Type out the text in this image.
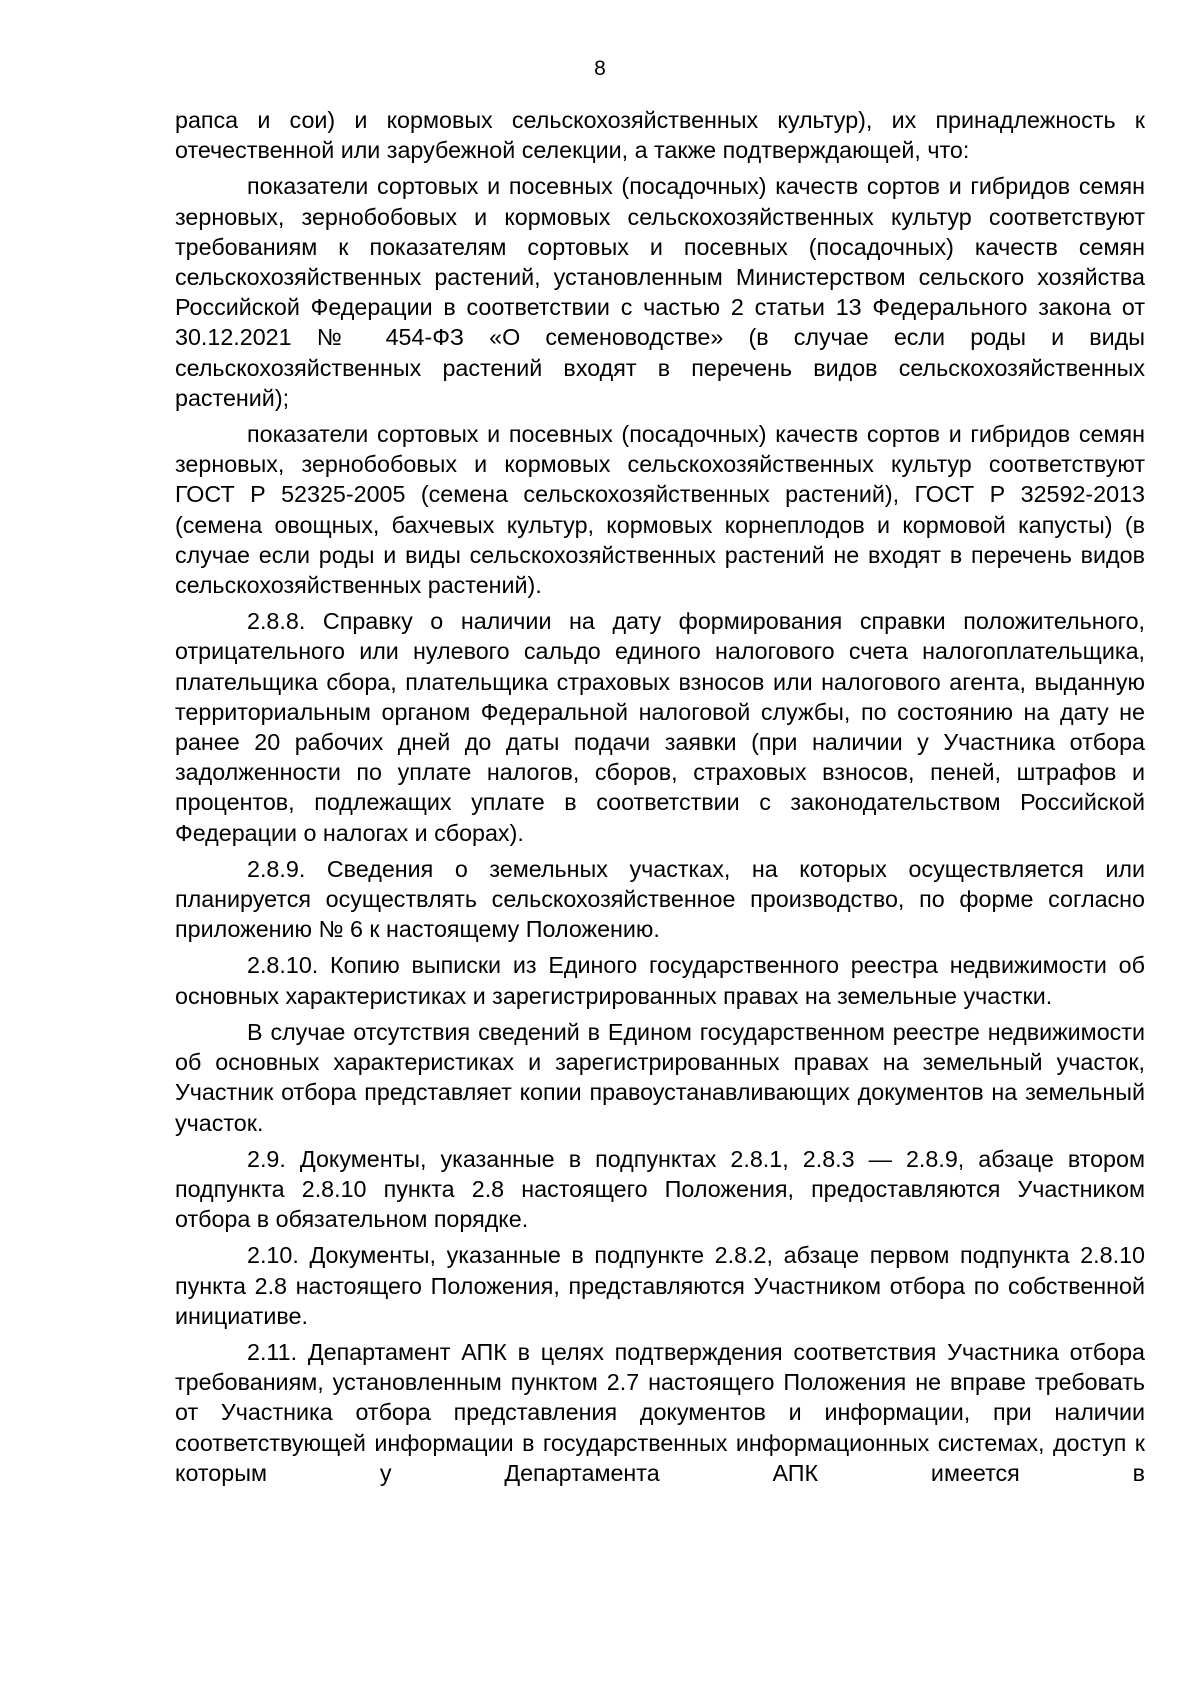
8

рапса и сои) и кормовых сельскохозяйственных культур), их принадлежность к отечественной или зарубежной селекции, а также подтверждающей, что:

показатели сортовых и посевных (посадочных) качеств сортов и гибридов семян зерновых, зернобобовых и кормовых сельскохозяйственных культур соответствуют требованиям к показателям сортовых и посевных (посадочных) качеств семян сельскохозяйственных растений, установленным Министерством сельского хозяйства Российской Федерации в соответствии с частью 2 статьи 13 Федерального закона от 30.12.2021 № 454-ФЗ «О семеноводстве» (в случае если роды и виды сельскохозяйственных растений входят в перечень видов сельскохозяйственных растений);

показатели сортовых и посевных (посадочных) качеств сортов и гибридов семян зерновых, зернобобовых и кормовых сельскохозяйственных культур соответствуют ГОСТ Р 52325-2005 (семена сельскохозяйственных растений), ГОСТ Р 32592-2013 (семена овощных, бахчевых культур, кормовых корнеплодов и кормовой капусты) (в случае если роды и виды сельскохозяйственных растений не входят в перечень видов сельскохозяйственных растений).

2.8.8. Справку о наличии на дату формирования справки положительного, отрицательного или нулевого сальдо единого налогового счета налогоплательщика, плательщика сбора, плательщика страховых взносов или налогового агента, выданную территориальным органом Федеральной налоговой службы, по состоянию на дату не ранее 20 рабочих дней до даты подачи заявки (при наличии у Участника отбора задолженности по уплате налогов, сборов, страховых взносов, пеней, штрафов и процентов, подлежащих уплате в соответствии с законодательством Российской Федерации о налогах и сборах).

2.8.9. Сведения о земельных участках, на которых осуществляется или планируется осуществлять сельскохозяйственное производство, по форме согласно приложению № 6 к настоящему Положению.

2.8.10. Копию выписки из Единого государственного реестра недвижимости об основных характеристиках и зарегистрированных правах на земельные участки.

В случае отсутствия сведений в Едином государственном реестре недвижимости об основных характеристиках и зарегистрированных правах на земельный участок, Участник отбора представляет копии правоустанавливающих документов на земельный участок.

2.9. Документы, указанные в подпунктах 2.8.1, 2.8.3 — 2.8.9, абзаце втором подпункта 2.8.10 пункта 2.8 настоящего Положения, предоставляются Участником отбора в обязательном порядке.

2.10. Документы, указанные в подпункте 2.8.2, абзаце первом подпункта 2.8.10 пункта 2.8 настоящего Положения, представляются Участником отбора по собственной инициативе.

2.11. Департамент АПК в целях подтверждения соответствия Участника отбора требованиям, установленным пунктом 2.7 настоящего Положения не вправе требовать от Участника отбора представления документов и информации, при наличии соответствующей информации в государственных информационных системах, доступ к которым у Департамента АПК имеется в
